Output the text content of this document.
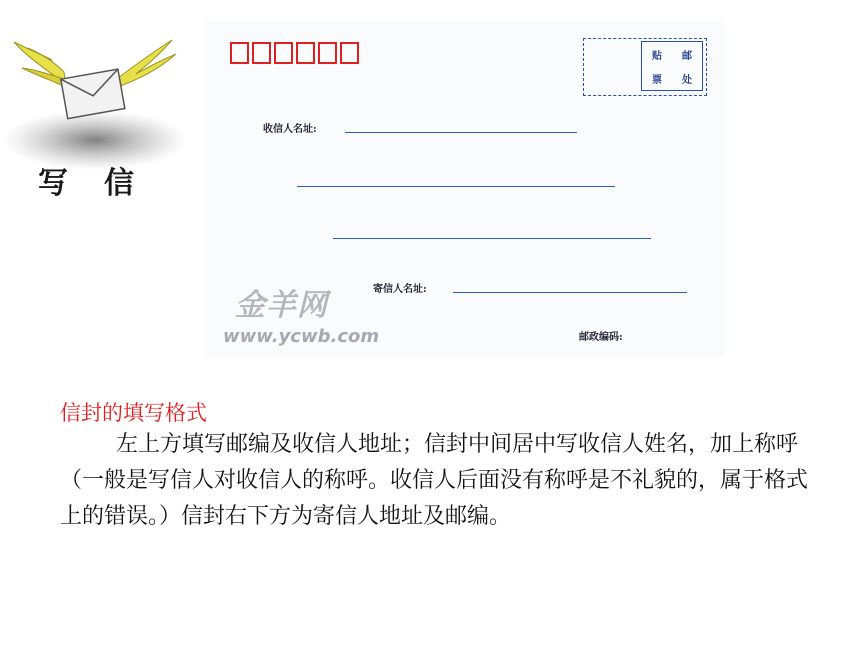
写信
贴 邮
票 处
收信人名址:
金羊网
www.ycwb.com
寄信人名址:
邮政编码:
信封的填写格式
左上方填写邮编及收信人地址；信封中间居中写收信人姓名，加上称呼（一般是写信人对收信人的称呼。收信人后面没有称呼是不礼貌的，属于格式上的错误。）信封右下方为寄信人地址及邮编。
